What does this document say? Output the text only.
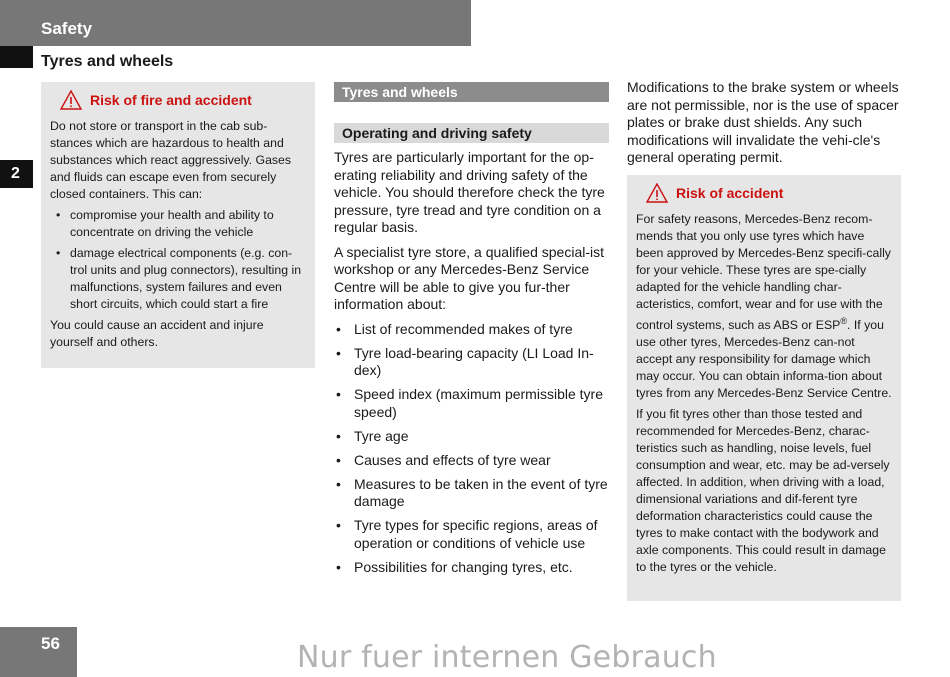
Safety
Tyres and wheels
2
Risk of fire and accident

Do not store or transport in the cab sub-stances which are hazardous to health and substances which react aggressively. Gases and fluids can escape even from securely closed containers. This can:

• compromise your health and ability to concentrate on driving the vehicle
• damage electrical components (e.g. con-trol units and plug connectors), resulting in malfunctions, system failures and even short circuits, which could start a fire

You could cause an accident and injure yourself and others.

Tyres and wheels
Operating and driving safety

Tyres are particularly important for the op-erating reliability and driving safety of the vehicle. You should therefore check the tyre pressure, tyre tread and tyre condition on a regular basis.

A specialist tyre store, a qualified special-ist workshop or any Mercedes-Benz Service Centre will be able to give you fur-ther information about:

• List of recommended makes of tyre
• Tyre load-bearing capacity (LI Load In-dex)
• Speed index (maximum permissible tyre speed)
• Tyre age
• Causes and effects of tyre wear
• Measures to be taken in the event of tyre damage
• Tyre types for specific regions, areas of operation or conditions of vehicle use
• Possibilities for changing tyres, etc.

Modifications to the brake system or wheels are not permissible, nor is the use of spacer plates or brake dust shields. Any such modifications will invalidate the vehi-cle's general operating permit.

Risk of accident

For safety reasons, Mercedes-Benz recom-mends that you only use tyres which have been approved by Mercedes-Benz specifi-cally for your vehicle. These tyres are spe-cially adapted for the vehicle handling char-acteristics, comfort, wear and for use with the control systems, such as ABS or ESP®. If you use other tyres, Mercedes-Benz can-not accept any responsibility for damage which may occur. You can obtain informa-tion about tyres from any Mercedes-Benz Service Centre.

If you fit tyres other than those tested and recommended for Mercedes-Benz, charac-teristics such as handling, noise levels, fuel consumption and wear, etc. may be ad-versely affected. In addition, when driving with a load, dimensional variations and dif-ferent tyre deformation characteristics could cause the tyres to make contact with the bodywork and axle components. This could result in damage to the tyres or the vehicle.

56	Nur fuer internen Gebrauch
